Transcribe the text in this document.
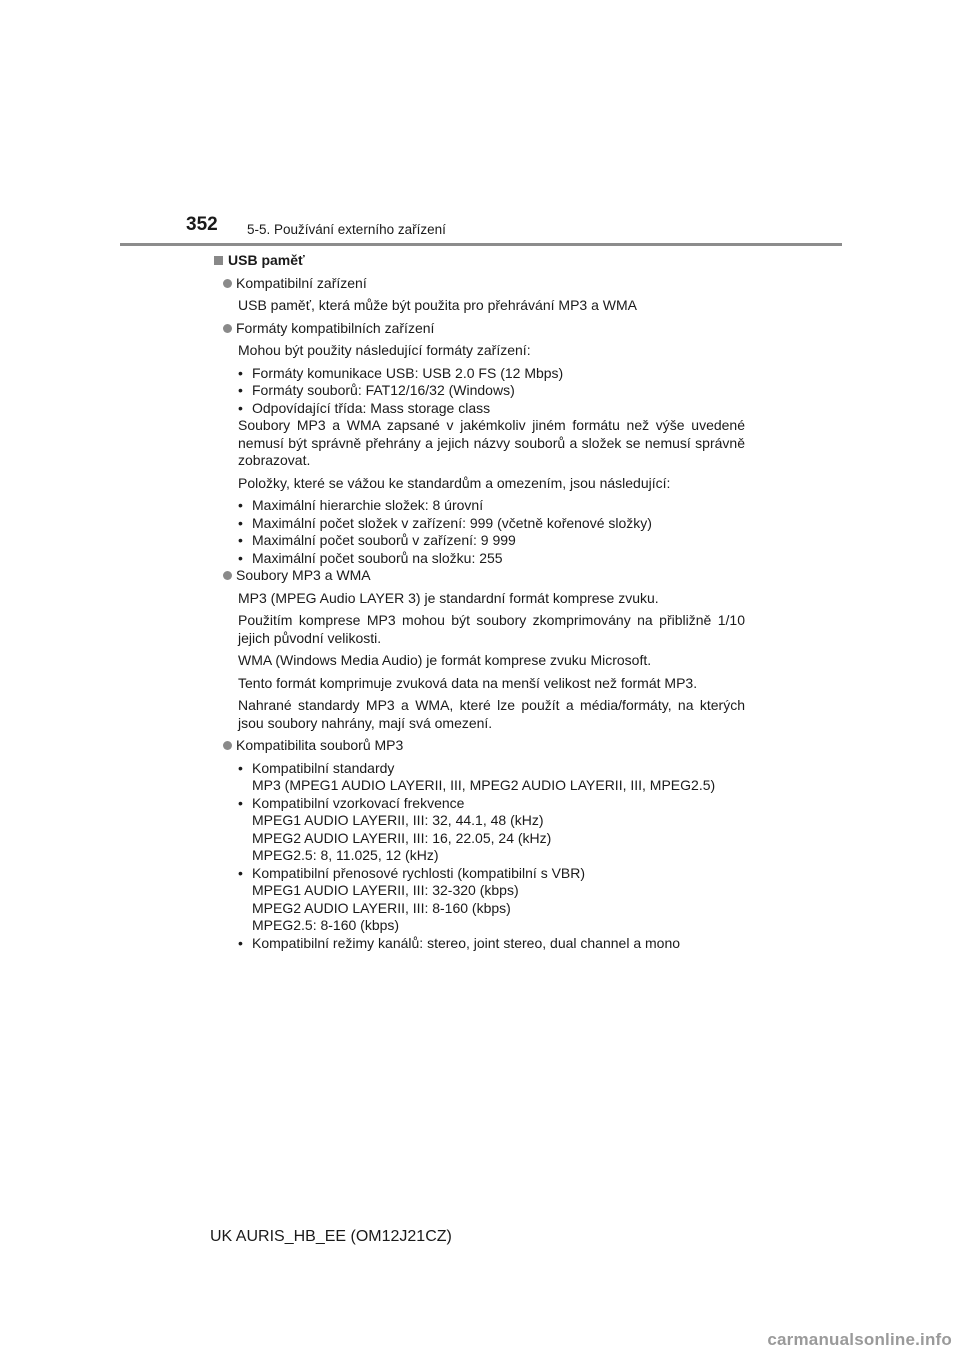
352 5-5. Používání externího zařízení
USB paměť
Kompatibilní zařízení
USB paměť, která může být použita pro přehrávání MP3 a WMA
Formáty kompatibilních zařízení
Mohou být použity následující formáty zařízení:
• Formáty komunikace USB: USB 2.0 FS (12 Mbps)
• Formáty souborů: FAT12/16/32 (Windows)
• Odpovídající třída: Mass storage class
Soubory MP3 a WMA zapsané v jakémkoliv jiném formátu než výše uvedené nemusí být správně přehrány a jejich názvy souborů a složek se nemusí správně zobrazovat.
Položky, které se vážou ke standardům a omezením, jsou následující:
• Maximální hierarchie složek: 8 úrovní
• Maximální počet složek v zařízení: 999 (včetně kořenové složky)
• Maximální počet souborů v zařízení: 9 999
• Maximální počet souborů na složku: 255
Soubory MP3 a WMA
MP3 (MPEG Audio LAYER 3) je standardní formát komprese zvuku.
Použitím komprese MP3 mohou být soubory zkomprimovány na přibližně 1/10 jejich původní velikosti.
WMA (Windows Media Audio) je formát komprese zvuku Microsoft.
Tento formát komprimuje zvuková data na menší velikost než formát MP3.
Nahrané standardy MP3 a WMA, které lze použít a média/formáty, na kterých jsou soubory nahrány, mají svá omezení.
Kompatibilita souborů MP3
• Kompatibilní standardy
MP3 (MPEG1 AUDIO LAYERII, III, MPEG2 AUDIO LAYERII, III, MPEG2.5)
• Kompatibilní vzorkovací frekvence
MPEG1 AUDIO LAYERII, III: 32, 44.1, 48 (kHz)
MPEG2 AUDIO LAYERII, III: 16, 22.05, 24 (kHz)
MPEG2.5: 8, 11.025, 12 (kHz)
• Kompatibilní přenosové rychlosti (kompatibilní s VBR)
MPEG1 AUDIO LAYERII, III: 32-320 (kbps)
MPEG2 AUDIO LAYERII, III: 8-160 (kbps)
MPEG2.5: 8-160 (kbps)
• Kompatibilní režimy kanálů: stereo, joint stereo, dual channel a mono
UK AURIS_HB_EE (OM12J21CZ)
carmanualsonline.info
